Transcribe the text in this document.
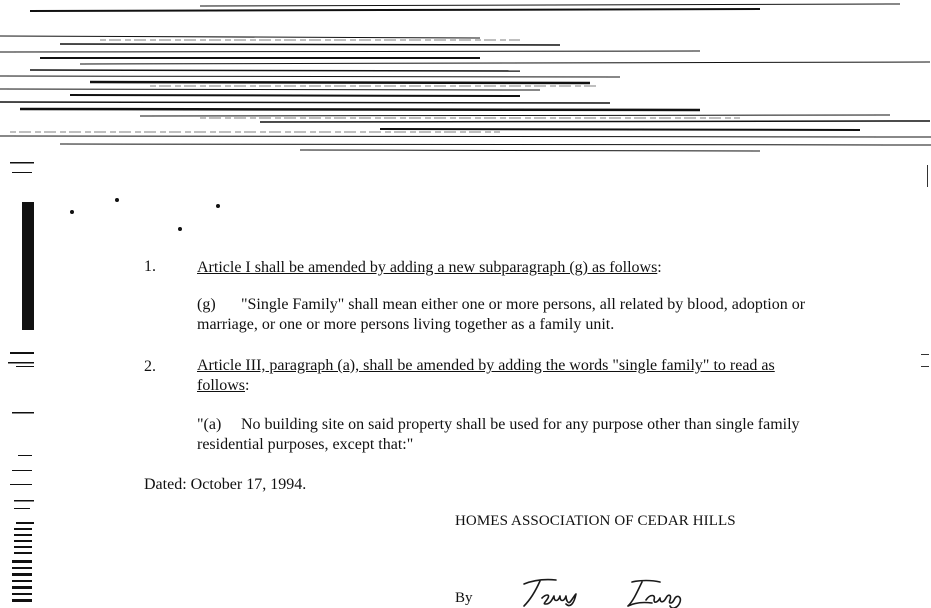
1.	Article I shall be amended by adding a new subparagraph (g) as follows:
(g) "Single Family" shall mean either one or more persons, all related by blood, adoption or marriage, or one or more persons living together as a family unit.
2.	Article III, paragraph (a), shall be amended by adding the words "single family" to read as follows:
"(a) No building site on said property shall be used for any purpose other than single family residential purposes, except that:"
Dated: October 17, 1994.
HOMES ASSOCIATION OF CEDAR HILLS
By
